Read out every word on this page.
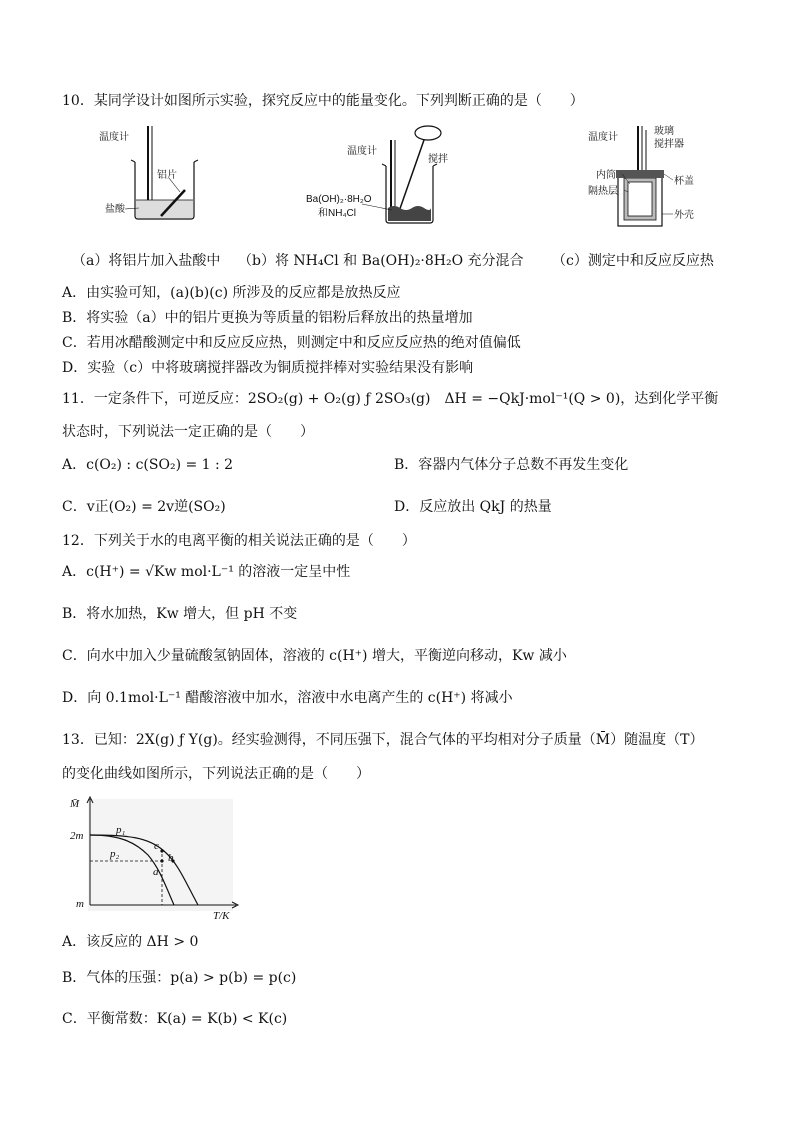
10．某同学设计如图所示实验，探究反应中的能量变化。下列判断正确的是（　　）
温度计
铝片
盐酸
温度计
搅拌
Ba(OH)₂·8H₂O
和NH₄Cl
温度计
玻璃
搅拌器
内筒
隔热层
杯盖
外壳
（a）将铝片加入盐酸中 （b）将 NH₄Cl 和 Ba(OH)₂·8H₂O 充分混合 （c）测定中和反应反应热
A．由实验可知，(a)(b)(c) 所涉及的反应都是放热反应
B．将实验（a）中的铝片更换为等质量的铝粉后释放出的热量增加
C．若用冰醋酸测定中和反应反应热，则测定中和反应反应热的绝对值偏低
D．实验（c）中将玻璃搅拌器改为铜质搅拌棒对实验结果没有影响
11．一定条件下，可逆反应：2SO₂(g) + O₂(g) ƒ 2SO₃(g)　ΔH = −QkJ·mol⁻¹(Q > 0)，达到化学平衡
状态时，下列说法一定正确的是（　　）
A．c(O₂) : c(SO₂) = 1 : 2	B．容器内气体分子总数不再发生变化
C．v正(O₂) = 2v逆(SO₂)	D．反应放出 QkJ 的热量
12．下列关于水的电离平衡的相关说法正确的是（　　）
A．c(H⁺) = √Kw mol·L⁻¹ 的溶液一定呈中性
B．将水加热，Kw 增大，但 pH 不变
C．向水中加入少量硫酸氢钠固体，溶液的 c(H⁺) 增大，平衡逆向移动，Kw 减小
D．向 0.1mol·L⁻¹ 醋酸溶液中加水，溶液中水电离产生的 c(H⁺) 将减小
13．已知：2X(g) ƒ Y(g)。经实验测得，不同压强下，混合气体的平均相对分子质量（M̄）随温度（T）
的变化曲线如图所示，下列说法正确的是（　　）
M̄
2m
m
T/K
p₁
p₂
a
b
c
A．该反应的 ΔH > 0
B．气体的压强：p(a) > p(b) = p(c)
C．平衡常数：K(a) = K(b) < K(c)
